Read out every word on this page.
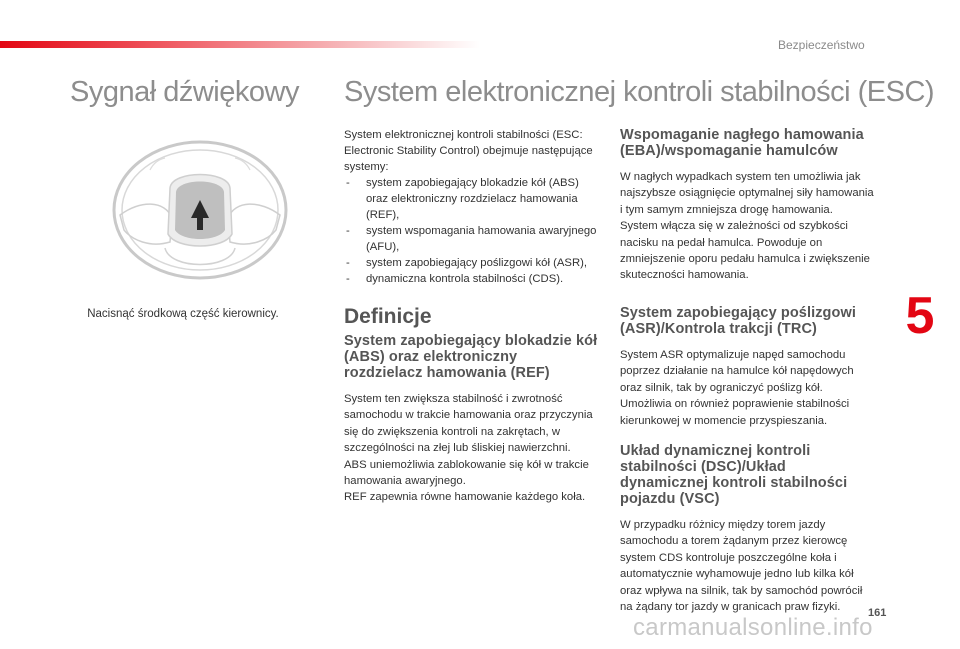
Bezpieczeństwo
Sygnał dźwiękowy System elektronicznej kontroli stabilności (ESC)
Nacisnąć środkową część kierownicy.

System elektronicznej kontroli stabilności (ESC: Electronic Stability Control) obejmuje następujące systemy:

- system zapobiegający blokadzie kół (ABS) oraz elektroniczny rozdzielacz hamowania (REF),
- system wspomagania hamowania awaryjnego (AFU),
- system zapobiegający poślizgowi kół (ASR),
- dynamiczna kontrola stabilności (CDS).
Definicje
System zapobiegający blokadzie kół (ABS) oraz elektroniczny rozdzielacz hamowania (REF)

System ten zwiększa stabilność i zwrotność samochodu w trakcie hamowania oraz przyczynia się do zwiększenia kontroli na zakrętach, w szczególności na złej lub śliskiej nawierzchni.

ABS uniemożliwia zablokowanie się kół w trakcie hamowania awaryjnego.

REF zapewnia równe hamowanie każdego koła.

Wspomaganie nagłego hamowania (EBA)/wspomaganie hamulców

W nagłych wypadkach system ten umożliwia jak najszybsze osiągnięcie optymalnej siły hamowania i tym samym zmniejsza drogę hamowania.

System włącza się w zależności od szybkości nacisku na pedał hamulca. Powoduje on zmniejszenie oporu pedału hamulca i zwiększenie skuteczności hamowania.

System zapobiegający poślizgowi (ASR)/Kontrola trakcji (TRC)

System ASR optymalizuje napęd samochodu poprzez działanie na hamulce kół napędowych oraz silnik, tak by ograniczyć poślizg kół. Umożliwia on również poprawienie stabilności kierunkowej w momencie przyspieszania.

Układ dynamicznej kontroli stabilności (DSC)/Układ dynamicznej kontroli stabilności pojazdu (VSC)

W przypadku różnicy między torem jazdy samochodu a torem żądanym przez kierowcę system CDS kontroluje poszczególne koła i automatycznie wyhamowuje jedno lub kilka kół oraz wpływa na silnik, tak by samochód powrócił na żądany tor jazdy w granicach praw fizyki.

5
161
carmanualsonline.info
